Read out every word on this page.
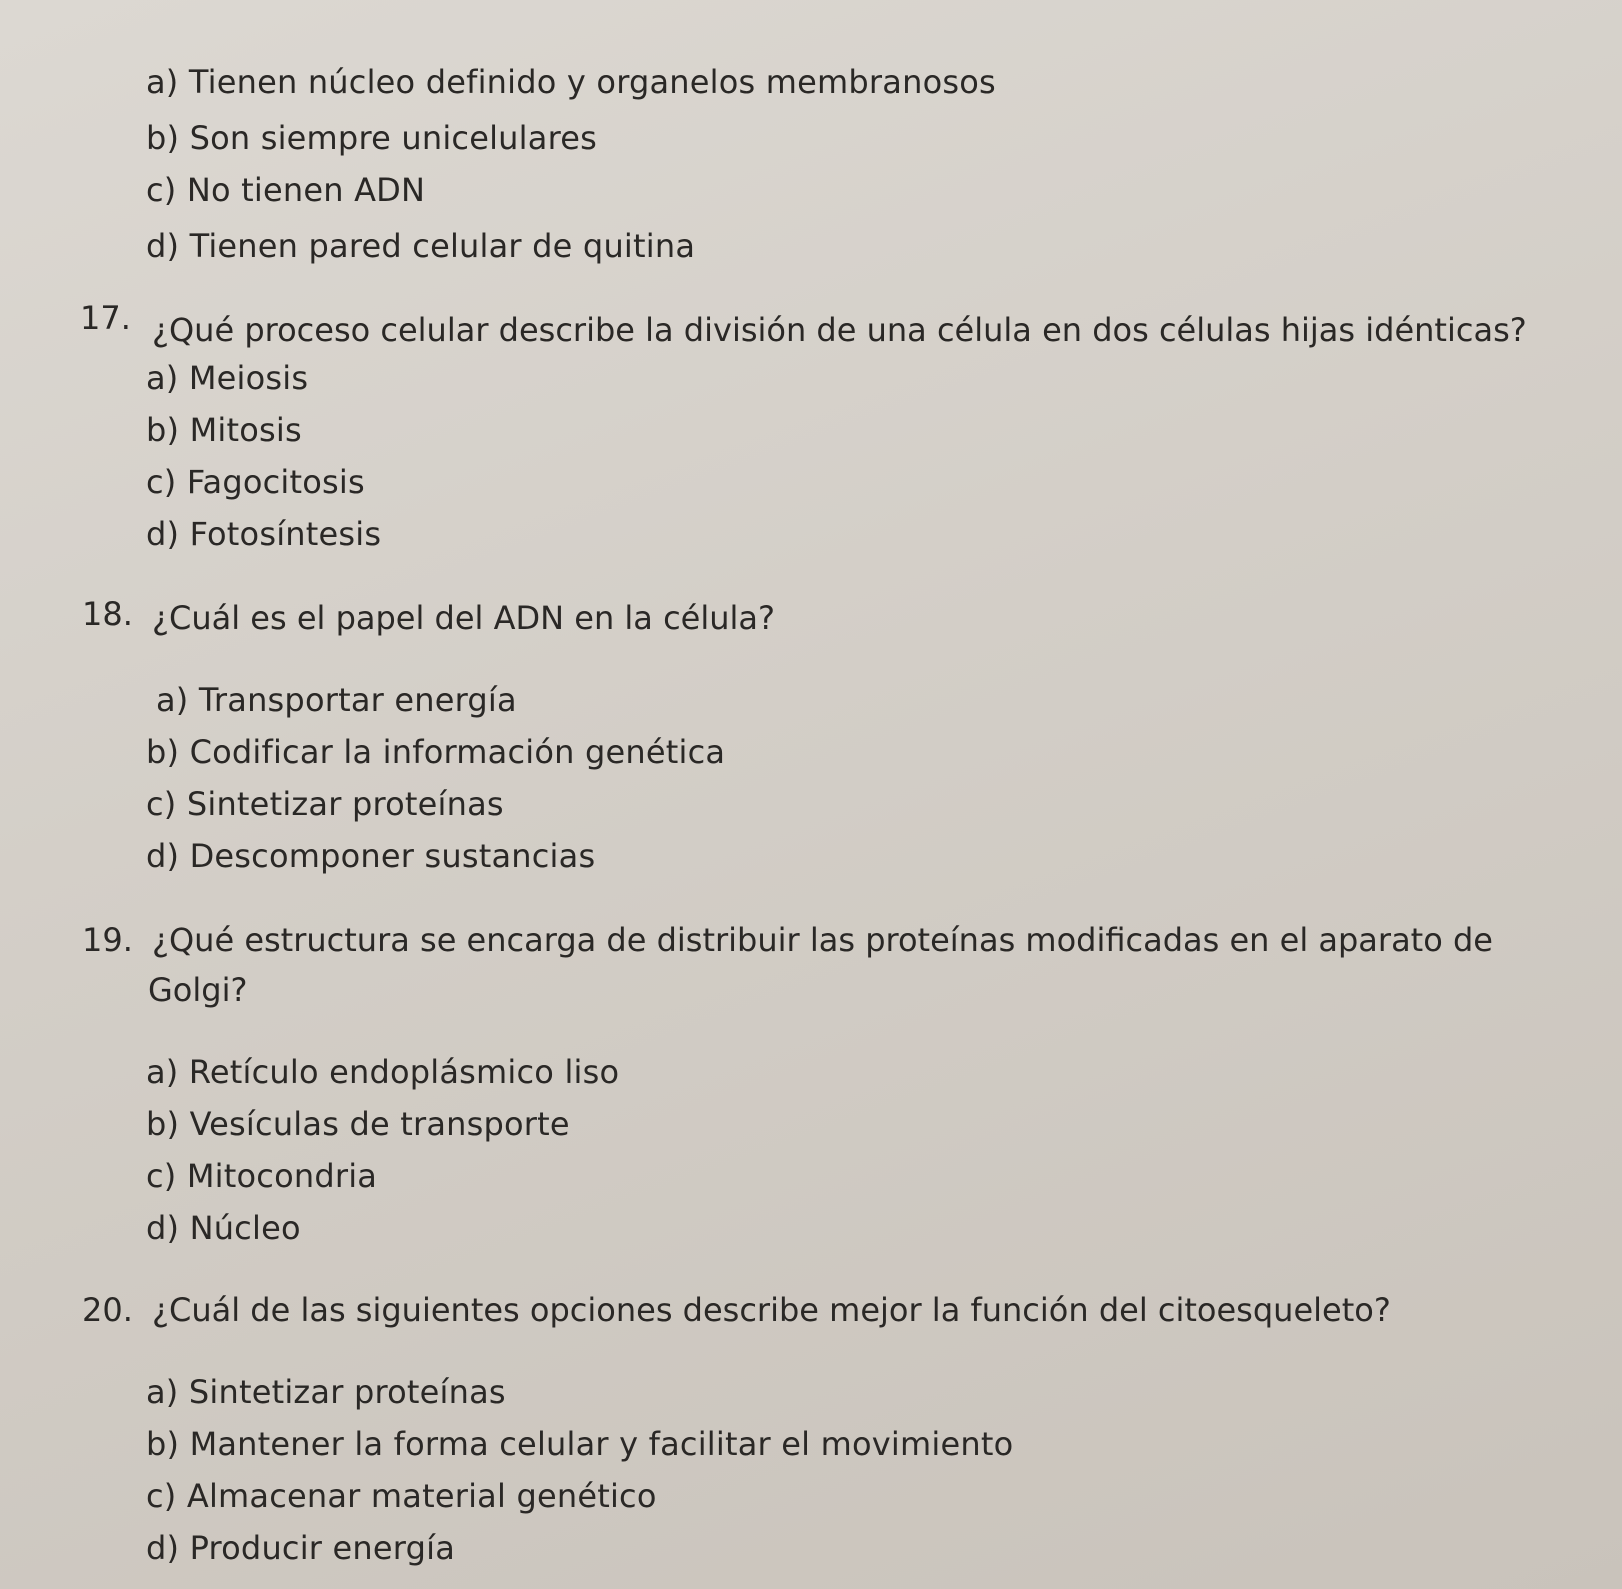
a) Tienen núcleo definido y organelos membranosos
b) Son siempre unicelulares
c) No tienen ADN
d) Tienen pared celular de quitina
17. ¿Qué proceso celular describe la división de una célula en dos células hijas idénticas?
a) Meiosis
b) Mitosis
c) Fagocitosis
d) Fotosíntesis
18. ¿Cuál es el papel del ADN en la célula?
a) Transportar energía
b) Codificar la información genética
c) Sintetizar proteínas
d) Descomponer sustancias
19. ¿Qué estructura se encarga de distribuir las proteínas modificadas en el aparato de
Golgi?
a) Retículo endoplásmico liso
b) Vesículas de transporte
c) Mitocondria
d) Núcleo
20. ¿Cuál de las siguientes opciones describe mejor la función del citoesqueleto?
a) Sintetizar proteínas
b) Mantener la forma celular y facilitar el movimiento
c) Almacenar material genético
d) Producir energía
